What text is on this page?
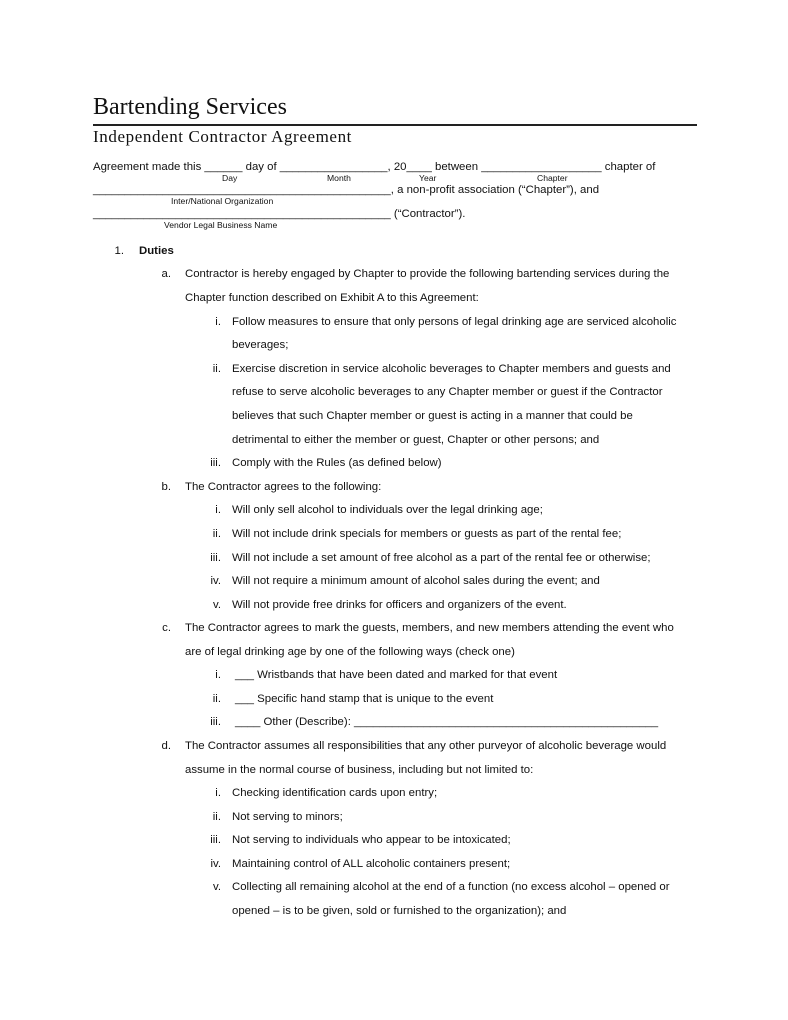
Bartending Services
Independent Contractor Agreement
Agreement made this ______ day of _________________, 20____ between ___________________ chapter of
Day	Month	Year	Chapter
_______________________________________________, a non-profit association (“Chapter”), and
Inter/National Organization
_______________________________________________ (“Contractor”).
Vendor Legal Business Name
1. Duties
a. Contractor is hereby engaged by Chapter to provide the following bartending services during the
Chapter function described on Exhibit A to this Agreement:
i. Follow measures to ensure that only persons of legal drinking age are serviced alcoholic
beverages;
ii. Exercise discretion in service alcoholic beverages to Chapter members and guests and
refuse to serve alcoholic beverages to any Chapter member or guest if the Contractor
believes that such Chapter member or guest is acting in a manner that could be
detrimental to either the member or guest, Chapter or other persons; and
iii. Comply with the Rules (as defined below)
b. The Contractor agrees to the following:
i. Will only sell alcohol to individuals over the legal drinking age;
ii. Will not include drink specials for members or guests as part of the rental fee;
iii. Will not include a set amount of free alcohol as a part of the rental fee or otherwise;
iv. Will not require a minimum amount of alcohol sales during the event; and
v. Will not provide free drinks for officers and organizers of the event.
c. The Contractor agrees to mark the guests, members, and new members attending the event who
are of legal drinking age by one of the following ways (check one)
i. ___ Wristbands that have been dated and marked for that event
ii. ___ Specific hand stamp that is unique to the event
iii. ____ Other (Describe): ________________________________________________
d. The Contractor assumes all responsibilities that any other purveyor of alcoholic beverage would
assume in the normal course of business, including but not limited to:
i. Checking identification cards upon entry;
ii. Not serving to minors;
iii. Not serving to individuals who appear to be intoxicated;
iv. Maintaining control of ALL alcoholic containers present;
v. Collecting all remaining alcohol at the end of a function (no excess alcohol – opened or
opened – is to be given, sold or furnished to the organization); and
